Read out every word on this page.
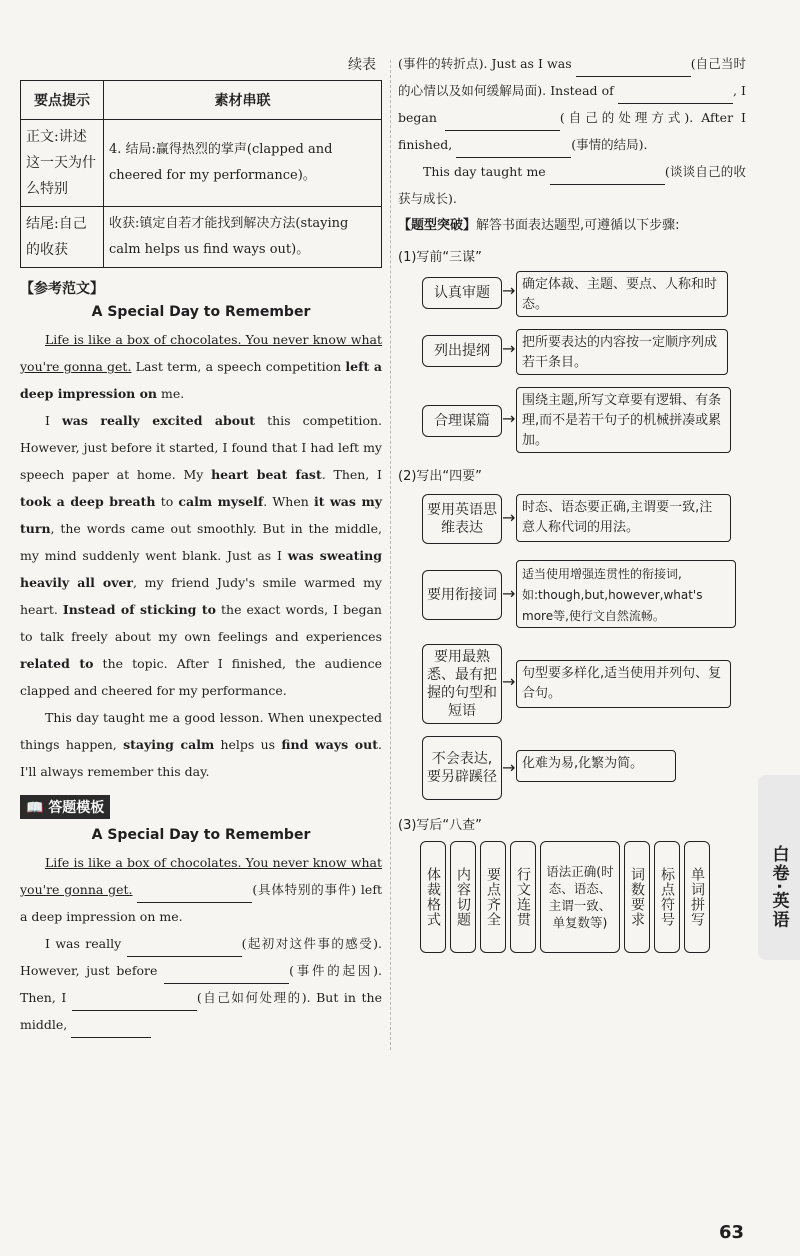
续表
要点提示	素材串联
正文:讲述这一天为什么特别	4. 结局:赢得热烈的掌声(clapped and cheered for my performance)。
结尾:自己的收获	收获:镇定自若才能找到解决方法(staying calm helps us find ways out)。
【参考范文】
A Special Day to Remember

Life is like a box of chocolates. You never know what you're gonna get. Last term, a speech competition left a deep impression on me.

I was really excited about this competition. However, just before it started, I found that I had left my speech paper at home. My heart beat fast. Then, I took a deep breath to calm myself. When it was my turn, the words came out smoothly. But in the middle, my mind suddenly went blank. Just as I was sweating heavily all over, my friend Judy's smile warmed my heart. Instead of sticking to the exact words, I began to talk freely about my own feelings and experiences related to the topic. After I finished, the audience clapped and cheered for my performance.

This day taught me a good lesson. When unexpected things happen, staying calm helps us find ways out. I'll always remember this day.

📖 答题模板
A Special Day to Remember

Life is like a box of chocolates. You never know what you're gonna get.	(具体特别的事件) left a deep impression on me.

I was really	(起初对这件事的感受). However, just before	(事件的起因). Then, I	(自己如何处理的). But in the middle,

(事件的转折点). Just as I was	(自己当时的心情以及如何缓解局面). Instead of	, I began	(自己的处理方式). After I finished,	(事情的结局).

This day taught me	(谈谈自己的收获与成长).

【题型突破】解答书面表达题型,可遵循以下步骤:
(1)写前“三谋”
认真审题 → 确定体裁、主题、要点、人称和时态。
列出提纲 → 把所要表达的内容按一定顺序列成若干条目。
合理谋篇 →
围绕主题,所写文章要有逻辑、有条理,而不是若干句子的机械拼凑或累加。
(2)写出“四要”
要用英语思维表达
→
时态、语态要正确,主谓要一致,注意人称代词的用法。
要用衔接词 →
适当使用增强连贯性的衔接词,如:though,but,however,what's more等,使行文自然流畅。
要用最熟悉、最有把握的句型和短语
→ 句型要多样化,适当使用并列句、复合句。
不会表达,要另辟蹊径 → 化难为易,化繁为简。
(3)写后“八查”
体裁格式	内容切题	要点齐全	行文连贯	语法正确(时态、语态、主谓一致、单复数等)	词数要求	标点符号	单词拼写	白卷·英语
63
